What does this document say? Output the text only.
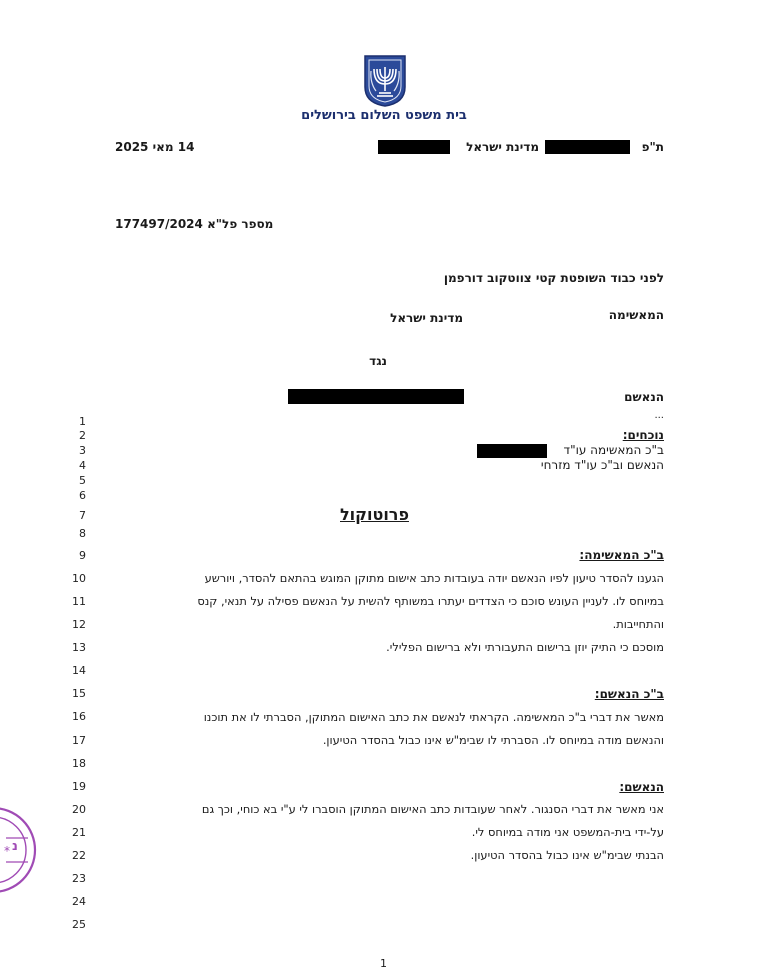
בית משפט השלום בירושלים
ת"פ
מדינת ישראל
14 מאי 2025
מספר פל"א 177497/2024
לפני כבוד השופטת קטי צווטקוב דורפמן
המאשימה
מדינת ישראל
נגד
הנאשם
1
2
3
4
5
6
7
8
9
10
11
12
13
14
15
16
17
18
19
20
21
22
23
24
25
...
נוכחים:
ב"כ המאשימה עו"ד
הנאשם וב"כ עו"ד מזרחי
פרוטוקול
ב"כ המאשימה:
הגענו להסדר טיעון לפיו הנאשם יודה בעובדות כתב אישום מתוקן המוגש בהתאם להסדר, ויורשע
במיוחס לו. לעניין העונש סוכם כי הצדדים יעתרו במשותף להשית על הנאשם פסילה על תנאי, קנס
והתחייבות.
מוסכם כי התיק יוזן ברישום התעבורתי ולא ברישום הפלילי.
ב"כ הנאשם:
מאשר את דברי ב"כ המאשימה. הקראתי לנאשם את כתב האישום המתוקן, הסברתי לו את תוכנו
והנאשם מודה במיוחס לו. הסברתי לו שבימ"ש אינו כבול בהסדר הטיעון.
הנאשם:
אני מאשר את דברי הסנגור. לאחר שעובדות כתב האישום המתוקן הוסברו לי ע"י בא כוחי, וכך גם
על-ידי בית-המשפט אני מודה במיוחס לי.
הבנתי שבימ"ש אינו כבול בהסדר הטיעון.
* נ
1
